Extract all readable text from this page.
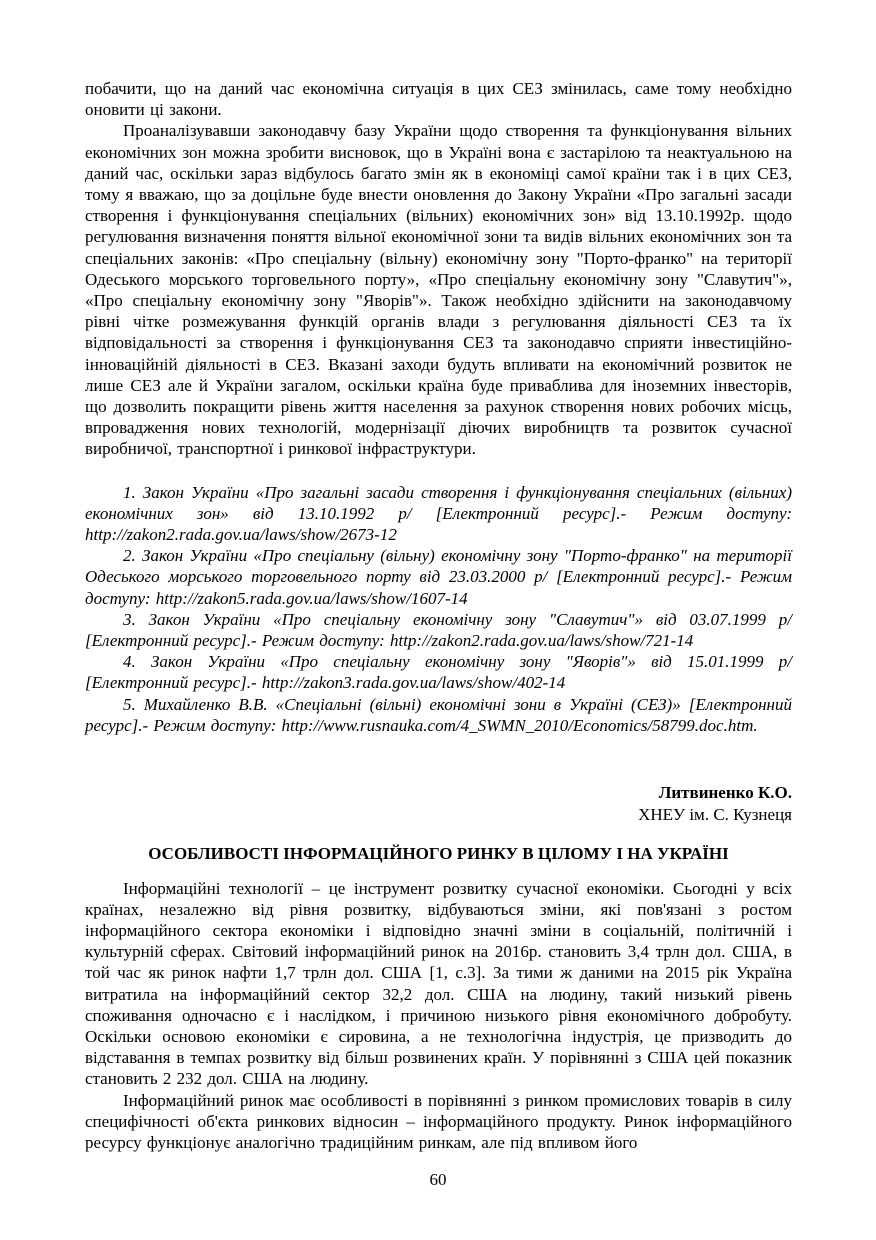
побачити, що на даний час економічна ситуація в цих СЕЗ змінилась, саме тому необхідно оновити ці закони.

Проаналізувавши законодавчу базу України щодо створення та функціонування вільних економічних зон можна зробити висновок, що в Україні вона є застарілою та неактуальною на даний час, оскільки зараз відбулось багато змін як в економіці самої країни так і в цих СЕЗ, тому я вважаю, що за доцільне буде внести оновлення до Закону України «Про загальні засади створення і функціонування спеціальних (вільних) економічних зон» від 13.10.1992р. щодо регулювання визначення поняття вільної економічної зони та видів вільних економічних зон та спеціальних законів: «Про спеціальну (вільну) економічну зону "Порто-франко" на території Одеського морського торговельного порту», «Про спеціальну економічну зону "Славутич"», «Про спеціальну економічну зону "Яворів"». Також необхідно здійснити на законодавчому рівні чітке розмежування функцій органів влади з регулювання діяльності СЕЗ та їх відповідальності за створення і функціонування СЕЗ та законодавчо сприяти інвестиційно-інноваційній діяльності в СЕЗ. Вказані заходи будуть впливати на економічний розвиток не лише СЕЗ але й України загалом, оскільки країна буде приваблива для іноземних інвесторів, що дозволить покращити рівень життя населення за рахунок створення нових робочих місць, впровадження нових технологій, модернізації діючих виробництв та розвиток сучасної виробничої, транспортної і ринкової інфраструктури.

1. Закон України «Про загальні засади створення і функціонування спеціальних (вільних) економічних зон» від 13.10.1992 р/ [Електронний ресурс].- Режим доступу: http://zakon2.rada.gov.ua/laws/show/2673-12

2. Закон України «Про спеціальну (вільну) економічну зону "Порто-франко" на території Одеського морського торговельного порту від 23.03.2000 р/ [Електронний ресурс].- Режим доступу: http://zakon5.rada.gov.ua/laws/show/1607-14

3. Закон України «Про спеціальну економічну зону "Славутич"» від 03.07.1999 р/ [Електронний ресурс].- Режим доступу: http://zakon2.rada.gov.ua/laws/show/721-14

4. Закон України «Про спеціальну економічну зону "Яворів"» від 15.01.1999 р/ [Електронний ресурс].- http://zakon3.rada.gov.ua/laws/show/402-14

5. Михайленко В.В. «Спеціальні (вільні) економічні зони в Україні (СЕЗ)» [Електронний ресурс].- Режим доступу: http://www.rusnauka.com/4_SWMN_2010/Economics/58799.doc.htm.

Литвиненко К.О.
ХНЕУ ім. С. Кузнеця
ОСОБЛИВОСТІ ІНФОРМАЦІЙНОГО РИНКУ В ЦІЛОМУ І НА УКРАЇНІ

Інформаційні технології – це інструмент розвитку сучасної економіки. Сьогодні у всіх країнах, незалежно від рівня розвитку, відбуваються зміни, які пов'язані з ростом інформаційного сектора економіки і відповідно значні зміни в соціальній, політичній і культурній сферах. Світовий інформаційний ринок на 2016р. становить 3,4 трлн дол. США, в той час як ринок нафти 1,7 трлн дол. США [1, с.3]. За тими ж даними на 2015 рік Україна витратила на інформаційний сектор 32,2 дол. США на людину, такий низький рівень споживання одночасно є і наслідком, і причиною низького рівня економічного добробуту. Оскільки основою економіки є сировина, а не технологічна індустрія, це призводить до відставання в темпах розвитку від більш розвинених країн. У порівнянні з США цей показник становить 2 232 дол. США на людину.

Інформаційний ринок має особливості в порівнянні з ринком промислових товарів в силу специфічності об'єкта ринкових відносин – інформаційного продукту. Ринок інформаційного ресурсу функціонує аналогічно традиційним ринкам, але під впливом його

60
